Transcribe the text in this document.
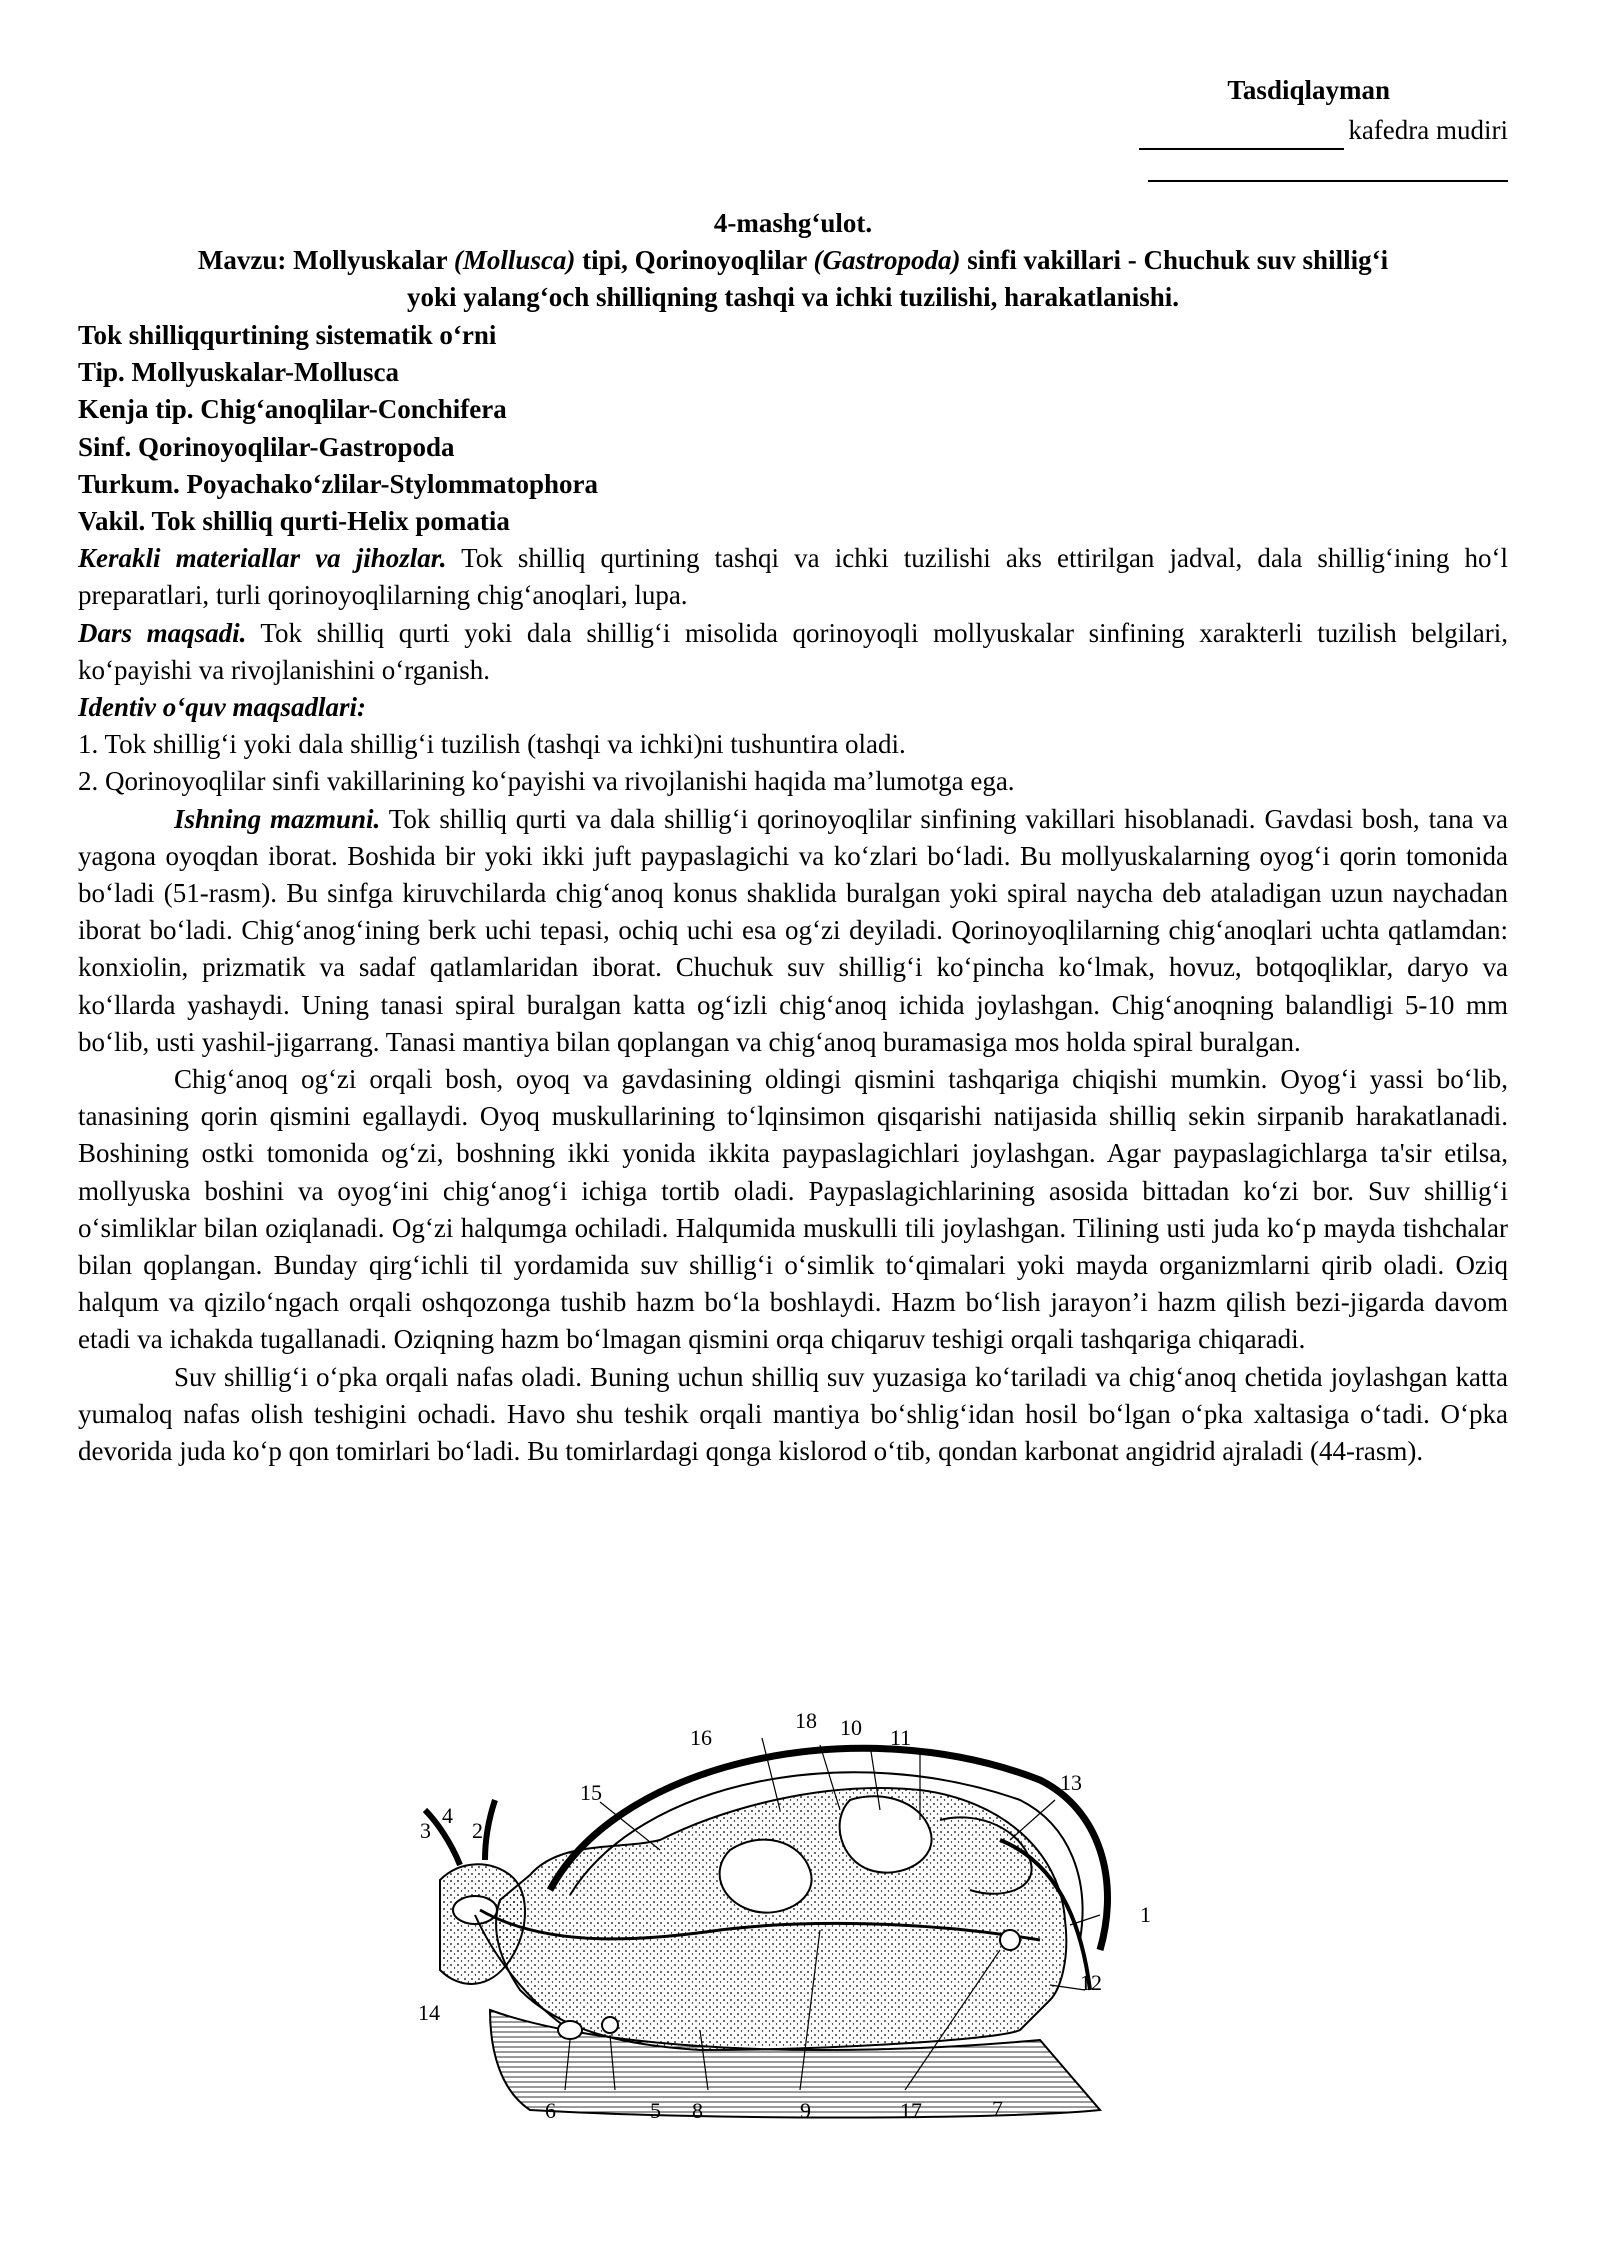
Tasdiqlayman
kafedra mudiri
4-mashg‘ulot.
Mavzu: Mollyuskalar (Mollusca) tipi, Qorinoyoqlilar (Gastropoda) sinfi vakillari - Chuchuk suv shillig‘i
yoki yalang‘och shilliqning tashqi va ichki tuzilishi, harakatlanishi.
Tok shilliqqurtining sistematik o‘rni
Tip. Mollyuskalar-Mollusca
Kenja tip. Chig‘anoqlilar-Conchifera
Sinf. Qorinoyoqlilar-Gastropoda
Turkum. Poyachako‘zlilar-Stylommatophora
Vakil. Tok shilliq qurti-Helix pomatia

Kerakli materiallar va jihozlar. Tok shilliq qurtining tashqi va ichki tuzilishi aks ettirilgan jadval, dala shillig‘ining ho‘l preparatlari, turli qorinoyoqlilarning chig‘anoqlari, lupa.

Dars maqsadi. Tok shilliq qurti yoki dala shillig‘i misolida qorinoyoqli mollyuskalar sinfining xarakterli tuzilish belgilari, ko‘payishi va rivojlanishini o‘rganish.

Identiv o‘quv maqsadlari:
1. Tok shillig‘i yoki dala shillig‘i tuzilish (tashqi va ichki)ni tushuntira oladi.
2. Qorinoyoqlilar sinfi vakillarining ko‘payishi va rivojlanishi haqida ma’lumotga ega.

Ishning mazmuni. Tok shilliq qurti va dala shillig‘i qorinoyoqlilar sinfining vakillari hisoblanadi. Gavdasi bosh, tana va yagona oyoqdan iborat. Boshida bir yoki ikki juft paypaslagichi va ko‘zlari bo‘ladi. Bu mollyuskalarning oyog‘i qorin tomonida bo‘ladi (51-rasm). Bu sinfga kiruvchilarda chig‘anoq konus shaklida buralgan yoki spiral naycha deb ataladigan uzun naychadan iborat bo‘ladi. Chig‘anog‘ining berk uchi tepasi, ochiq uchi esa og‘zi deyiladi. Qorinoyoqlilarning chig‘anoqlari uchta qatlamdan: konxiolin, prizmatik va sadaf qatlamlaridan iborat. Chuchuk suv shillig‘i ko‘pincha ko‘lmak, hovuz, botqoqliklar, daryo va ko‘llarda yashaydi. Uning tanasi spiral buralgan katta og‘izli chig‘anoq ichida joylashgan. Chig‘anoqning balandligi 5-10 mm bo‘lib, usti yashil-jigarrang. Tanasi mantiya bilan qoplangan va chig‘anoq buramasiga mos holda spiral buralgan.

Chig‘anoq og‘zi orqali bosh, oyoq va gavdasining oldingi qismini tashqariga chiqishi mumkin. Oyog‘i yassi bo‘lib, tanasining qorin qismini egallaydi. Oyoq muskullarining to‘lqinsimon qisqarishi natijasida shilliq sekin sirpanib harakatlanadi. Boshining ostki tomonida og‘zi, boshning ikki yonida ikkita paypaslagichlari joylashgan. Agar paypaslagichlarga ta'sir etilsa, mollyuska boshini va oyog‘ini chig‘anog‘i ichiga tortib oladi. Paypaslagichlarining asosida bittadan ko‘zi bor. Suv shillig‘i o‘simliklar bilan oziqlanadi. Og‘zi halqumga ochiladi. Halqumida muskulli tili joylashgan. Tilining usti juda ko‘p mayda tishchalar bilan qoplangan. Bunday qirg‘ichli til yordamida suv shillig‘i o‘simlik to‘qimalari yoki mayda organizmlarni qirib oladi. Oziq halqum va qizilo‘ngach orqali oshqozonga tushib hazm bo‘la boshlaydi. Hazm bo‘lish jarayon’i hazm qilish bezi-jigarda davom etadi va ichakda tugallanadi. Oziqning hazm bo‘lmagan qismini orqa chiqaruv teshigi orqali tashqariga chiqaradi.

Suv shillig‘i o‘pka orqali nafas oladi. Buning uchun shilliq suv yuzasiga ko‘tariladi va chig‘anoq chetida joylashgan katta yumaloq nafas olish teshigini ochadi. Havo shu teshik orqali mantiya bo‘shlig‘idan hosil bo‘lgan o‘pka xaltasiga o‘tadi. O‘pka devorida juda ko‘p qon tomirlari bo‘ladi. Bu tomirlardagi qonga kislorod o‘tib, qondan karbonat angidrid ajraladi (44-rasm).

18
16	10 11
13
15
3
4
2
1
12
14
6	5 8	9	17	7
